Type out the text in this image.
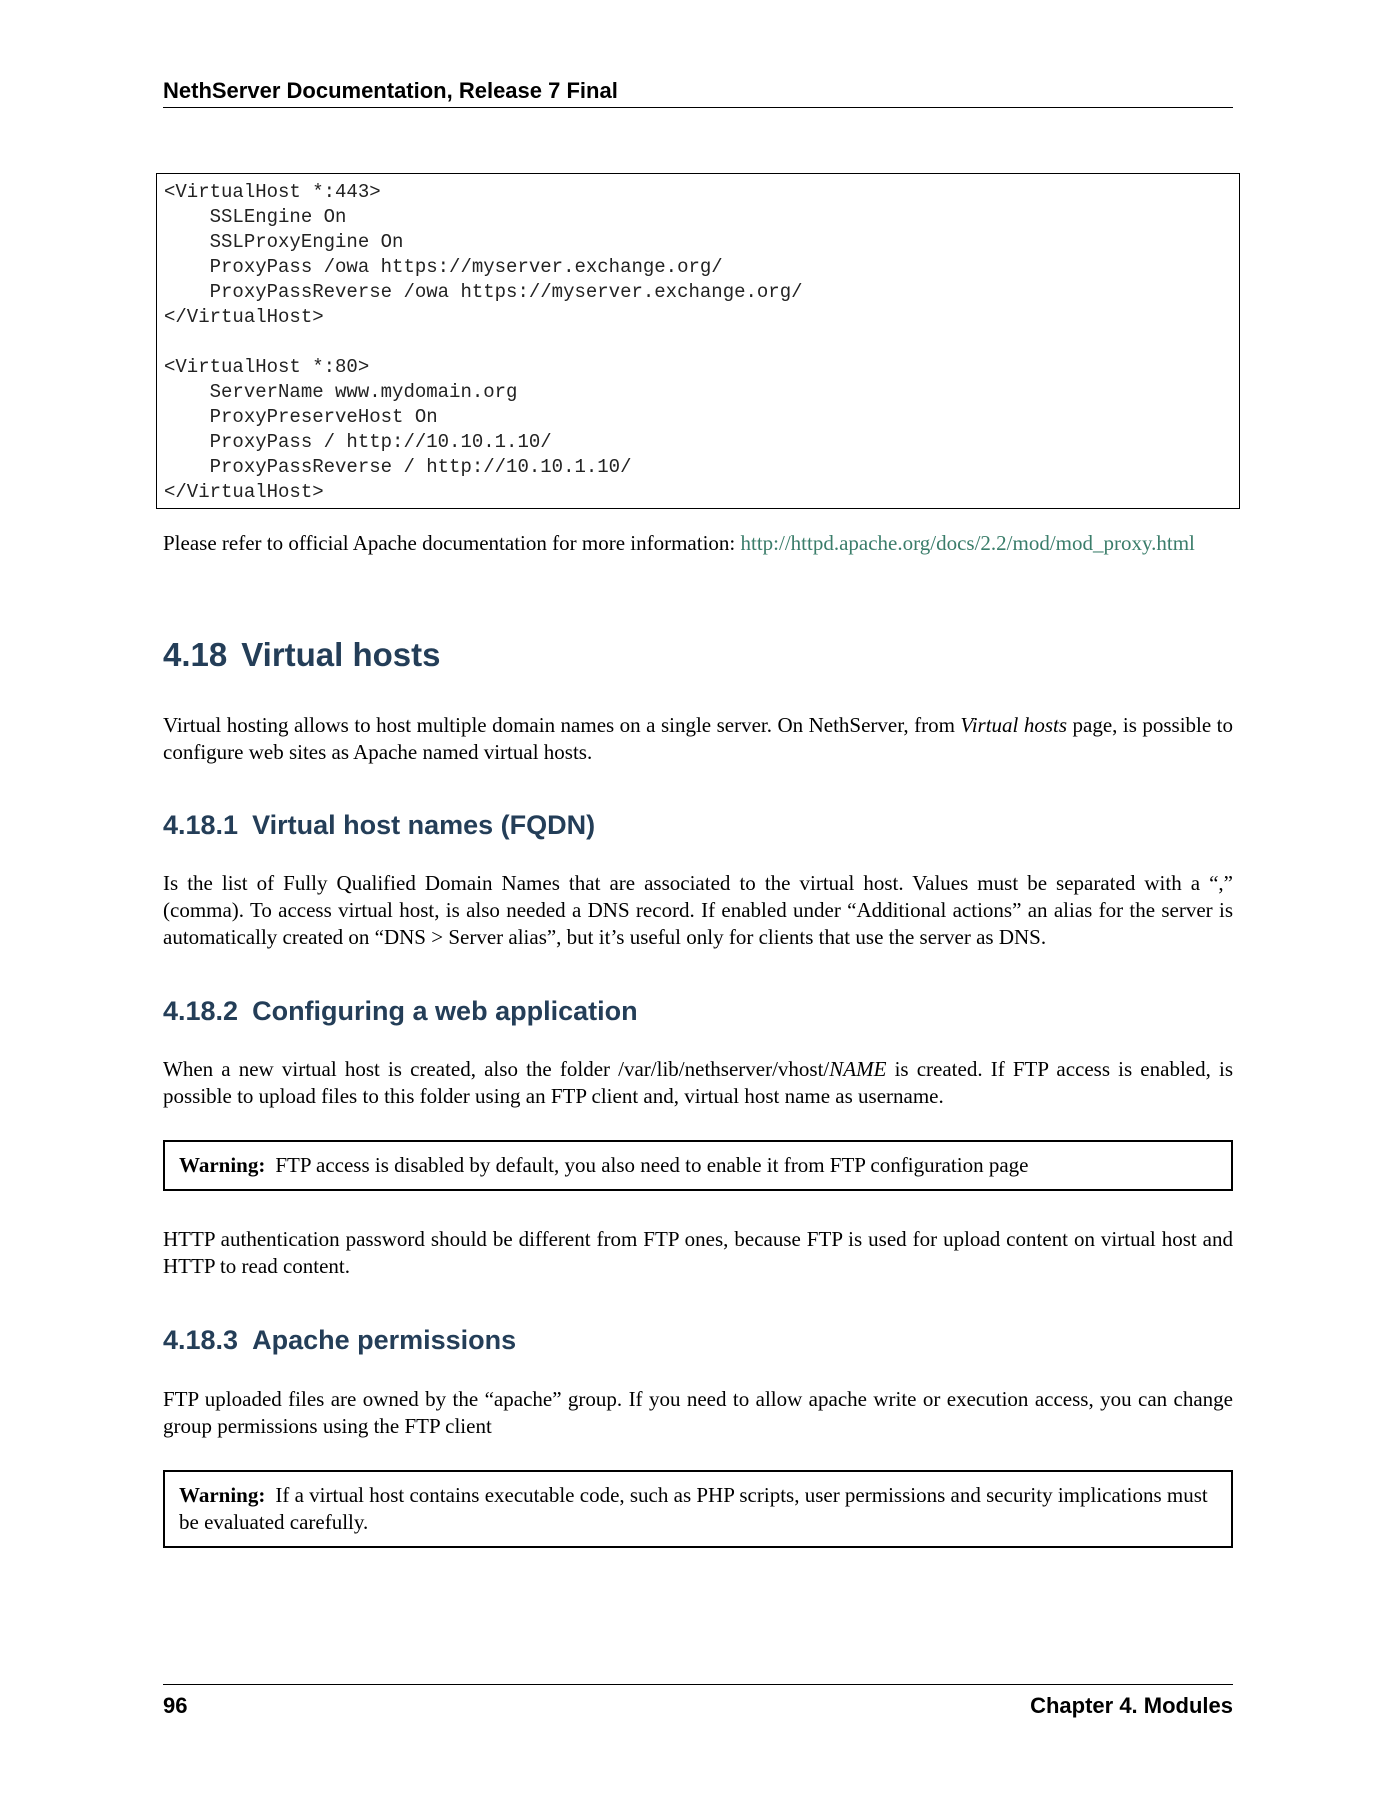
NethServer Documentation, Release 7 Final
<VirtualHost *:443>
SSLEngine On
SSLProxyEngine On
ProxyPass /owa https://myserver.exchange.org/
ProxyPassReverse /owa https://myserver.exchange.org/
</VirtualHost>

<VirtualHost *:80>
ServerName www.mydomain.org
ProxyPreserveHost On
ProxyPass / http://10.10.1.10/
ProxyPassReverse / http://10.10.1.10/
</VirtualHost>
Please refer to official Apache documentation for more information: http://httpd.apache.org/docs/2.2/mod/mod_proxy.html
4.18 Virtual hosts
Virtual hosting allows to host multiple domain names on a single server. On NethServer, from Virtual hosts page, is possible to configure web sites as Apache named virtual hosts.
4.18.1 Virtual host names (FQDN)
Is the list of Fully Qualified Domain Names that are associated to the virtual host. Values must be separated with a “,” (comma). To access virtual host, is also needed a DNS record. If enabled under “Additional actions” an alias for the server is automatically created on “DNS > Server alias”, but it’s useful only for clients that use the server as DNS.
4.18.2 Configuring a web application
When a new virtual host is created, also the folder /var/lib/nethserver/vhost/NAME is created. If FTP access is enabled, is possible to upload files to this folder using an FTP client and, virtual host name as username.
Warning: FTP access is disabled by default, you also need to enable it from FTP configuration page
HTTP authentication password should be different from FTP ones, because FTP is used for upload content on virtual host and HTTP to read content.
4.18.3 Apache permissions
FTP uploaded files are owned by the “apache” group. If you need to allow apache write or execution access, you can change group permissions using the FTP client
Warning: If a virtual host contains executable code, such as PHP scripts, user permissions and security implications must be evaluated carefully.
96	Chapter 4. Modules
